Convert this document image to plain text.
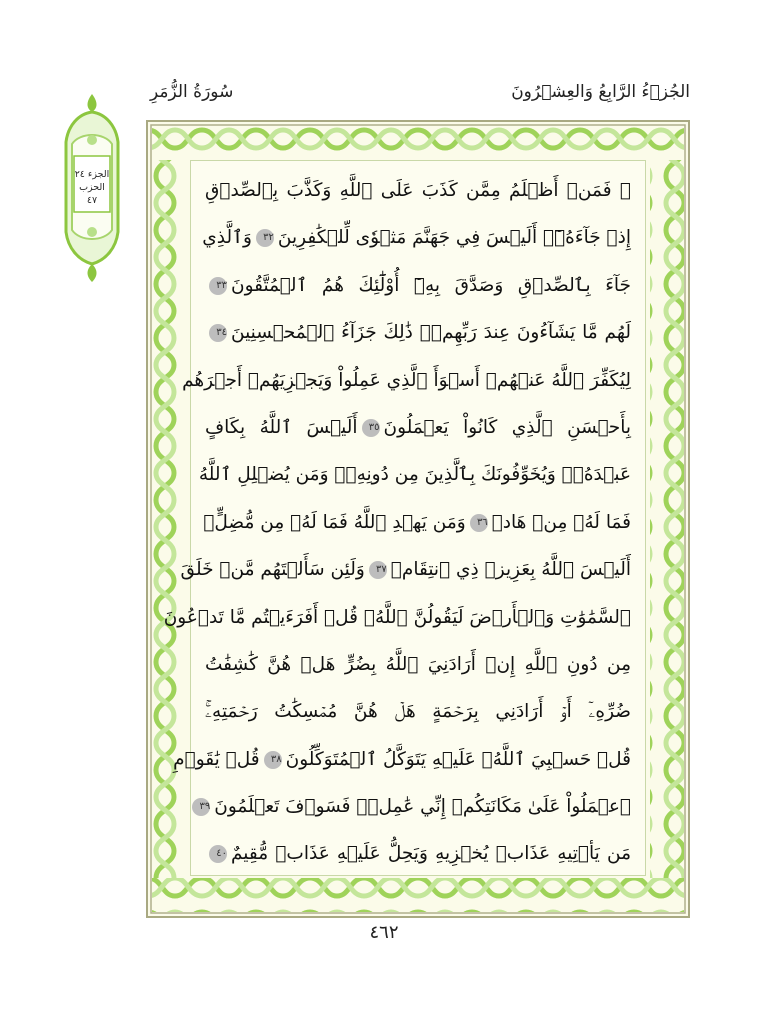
الجُزۡءُ الرَّابِعُ وَالعِشۡرُونَ
سُورَةُ الزُّمَرِ
الجزء ٢٤
الحزب ٤٧	۞ فَمَنۡ أَظۡلَمُ مِمَّن كَذَبَ عَلَى ٱللَّهِ وَكَذَّبَ بِٱلصِّدۡقِ
إِذۡ جَآءَهُۥٓۚ أَلَيۡسَ فِي جَهَنَّمَ مَثۡوٗى لِّلۡكَٰفِرِينَ٣٢وَٱلَّذِي
جَآءَ بِٱلصِّدۡقِ وَصَدَّقَ بِهِۦٓ أُوْلَٰٓئِكَ هُمُ ٱلۡمُتَّقُونَ٣٣
لَهُم مَّا يَشَآءُونَ عِندَ رَبِّهِمۡۚ ذَٰلِكَ جَزَآءُ ٱلۡمُحۡسِنِينَ٣٤
لِيُكَفِّرَ ٱللَّهُ عَنۡهُمۡ أَسۡوَأَ ٱلَّذِي عَمِلُواْ وَيَجۡزِيَهُمۡ أَجۡرَهُم
بِأَحۡسَنِ ٱلَّذِي كَانُواْ يَعۡمَلُونَ٣٥أَلَيۡسَ ٱللَّهُ بِكَافٍ
عَبۡدَهُۥۖ وَيُخَوِّفُونَكَ بِٱلَّذِينَ مِن دُونِهِۦۚ وَمَن يُضۡلِلِ ٱللَّهُ
فَمَا لَهُۥ مِنۡ هَادٖ٣٦وَمَن يَهۡدِ ٱللَّهُ فَمَا لَهُۥ مِن مُّضِلٍّۗ
أَلَيۡسَ ٱللَّهُ بِعَزِيزٖ ذِي ٱنتِقَامٖ٣٧وَلَئِن سَأَلۡتَهُم مَّنۡ خَلَقَ
ٱلسَّمَٰوَٰتِ وَٱلۡأَرۡضَ لَيَقُولُنَّ ٱللَّهُۚ قُلۡ أَفَرَءَيۡتُم مَّا تَدۡعُونَ
مِن دُونِ ٱللَّهِ إِنۡ أَرَادَنِيَ ٱللَّهُ بِضُرٍّ هَلۡ هُنَّ كَٰشِفَٰتُ
ضُرِّهِۦٓ أَوۡ أَرَادَنِي بِرَحۡمَةٍ هَلۡ هُنَّ مُمۡسِكَٰتُ رَحۡمَتِهِۦۚ
قُلۡ حَسۡبِيَ ٱللَّهُۖ عَلَيۡهِ يَتَوَكَّلُ ٱلۡمُتَوَكِّلُونَ٣٨قُلۡ يَٰقَوۡمِ
ٱعۡمَلُواْ عَلَىٰ مَكَانَتِكُمۡ إِنِّي عَٰمِلٞۖ فَسَوۡفَ تَعۡلَمُونَ٣٩
مَن يَأۡتِيهِ عَذَابٞ يُخۡزِيهِ وَيَحِلُّ عَلَيۡهِ عَذَابٞ مُّقِيمٌ٤٠
٤٦٢
